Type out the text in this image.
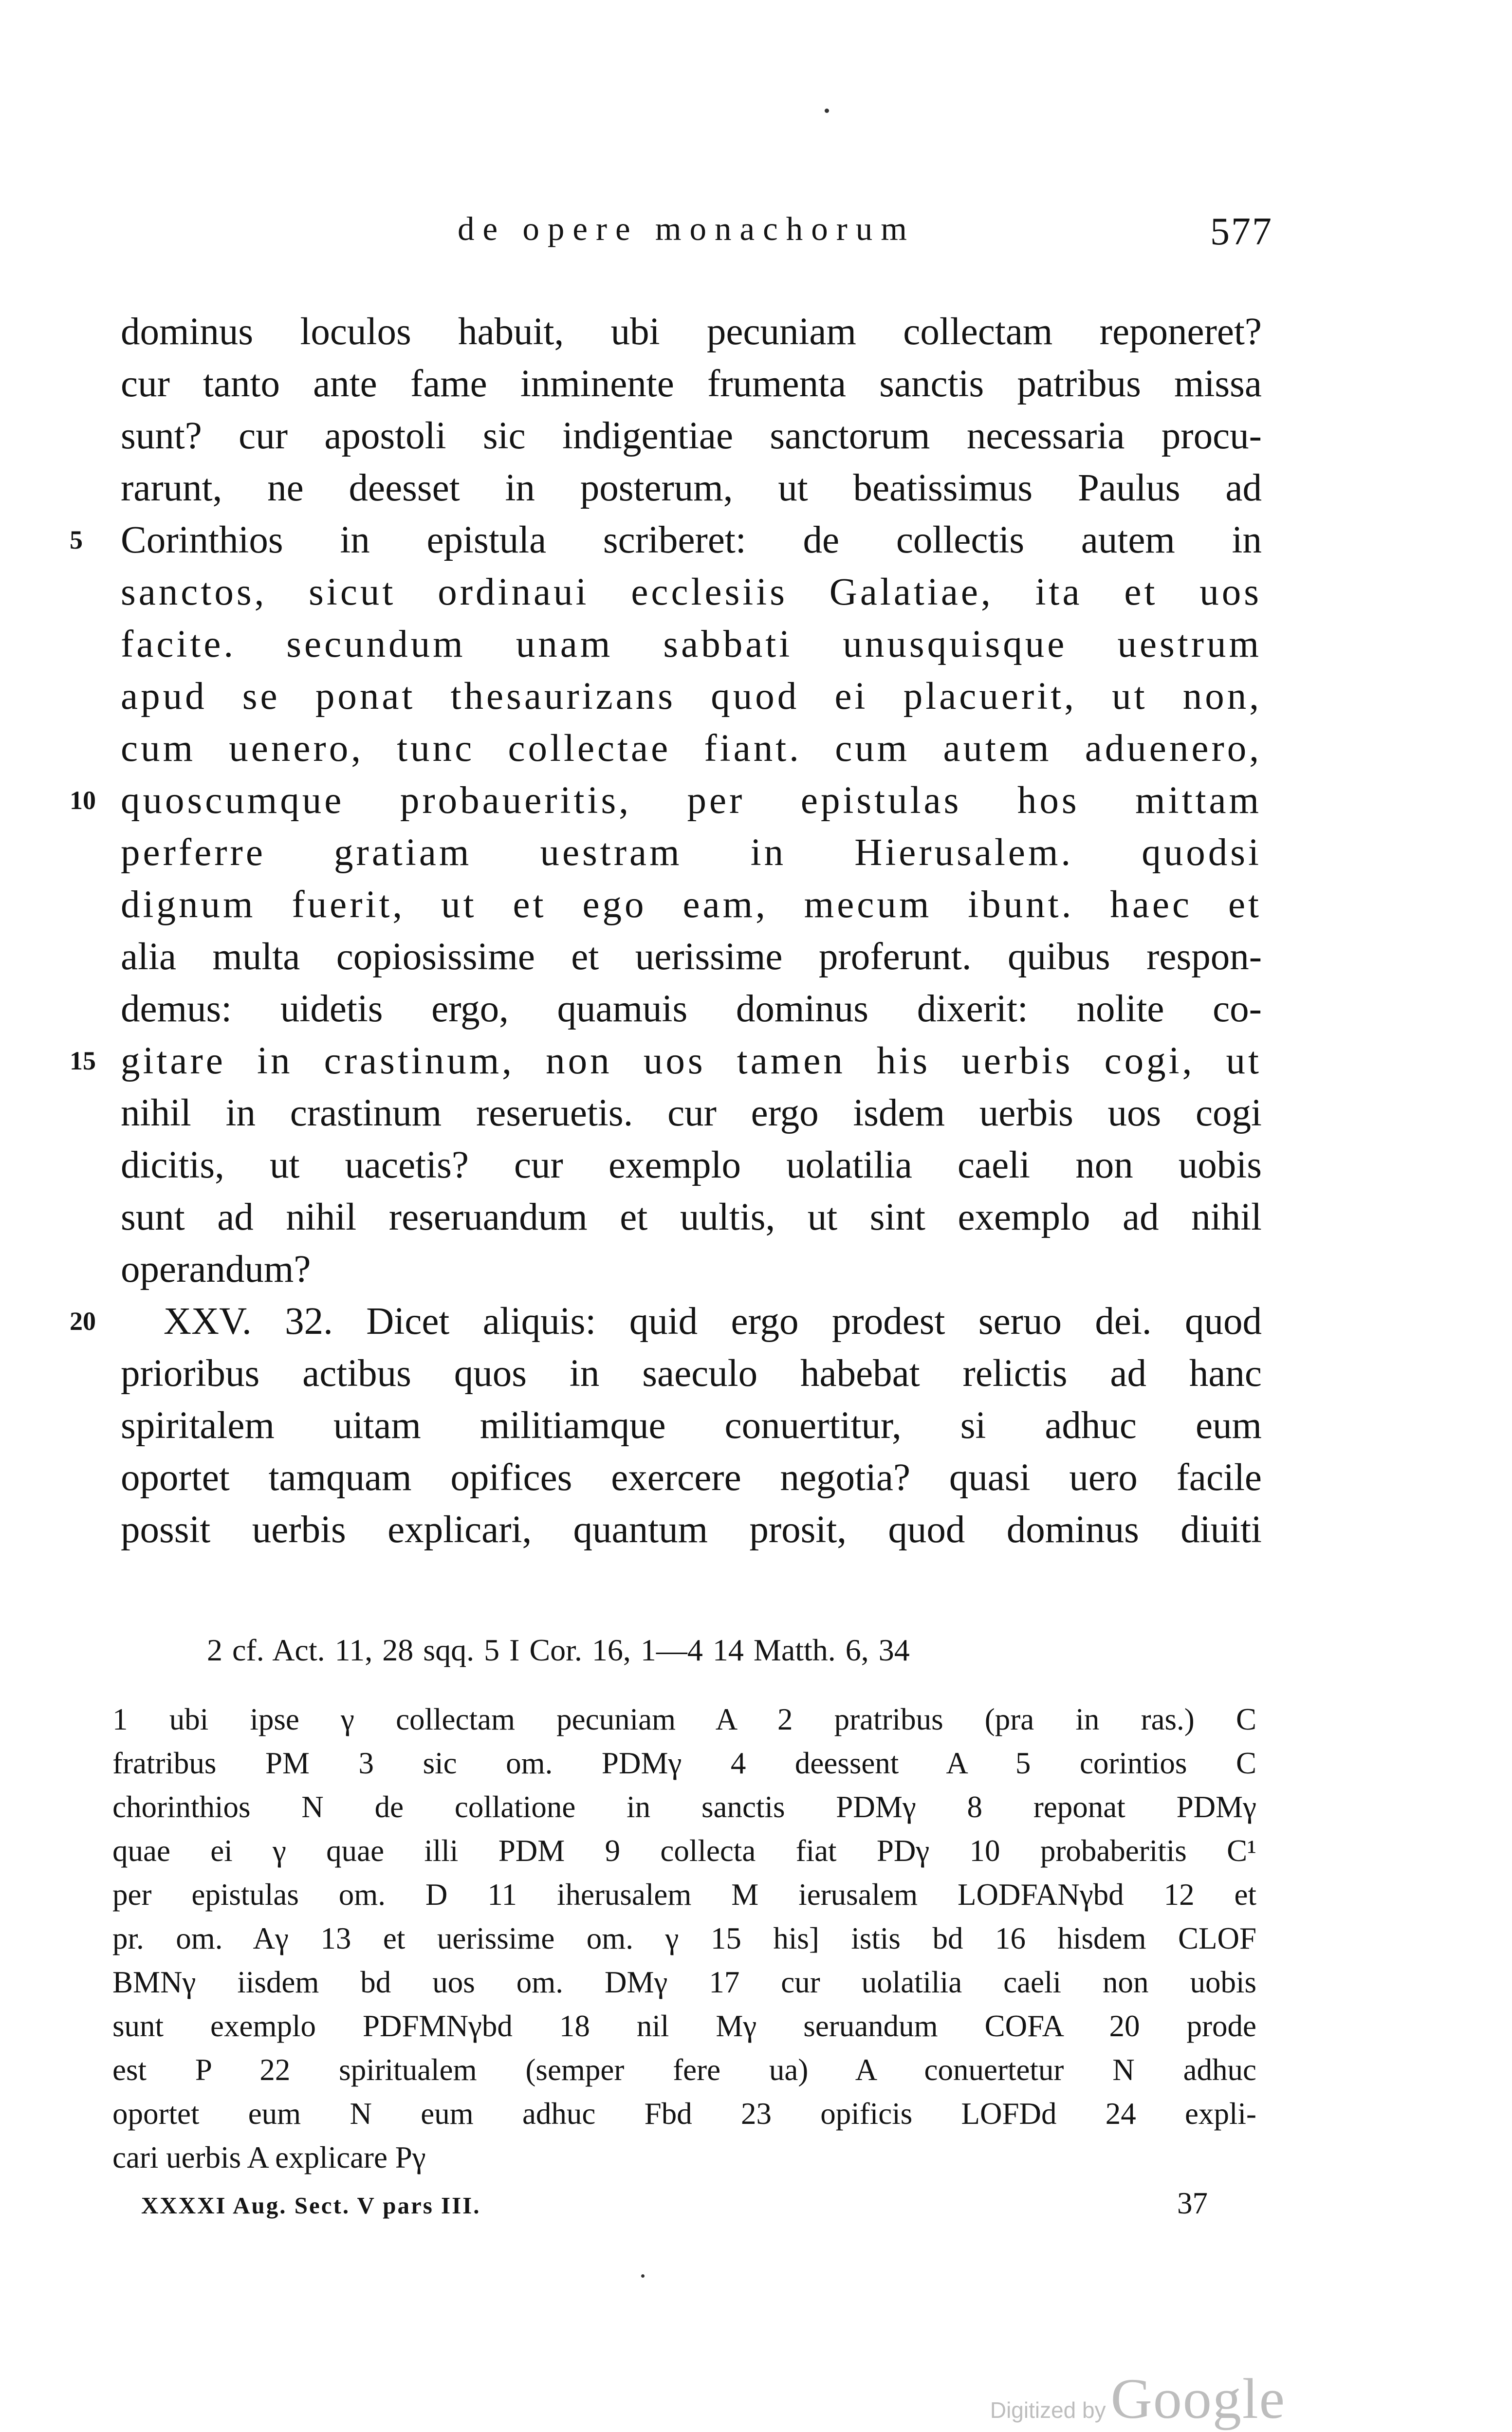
de opere monachorum	577
dominus loculos habuit, ubi pecuniam collectam reponeret?
cur tanto ante fame inminente frumenta sanctis patribus missa
sunt? cur apostoli sic indigentiae sanctorum necessaria procu-
rarunt, ne deesset in posterum, ut beatissimus Paulus ad
5 Corinthios in epistula scriberet: de collectis autem in
sanctos, sicut ordinaui ecclesiis Galatiae, ita et uos
facite. secundum unam sabbati unusquisque uestrum
apud se ponat thesaurizans quod ei placuerit, ut non,
cum uenero, tunc collectae fiant. cum autem aduenero,
10 quoscumque probaueritis, per epistulas hos mittam
perferre gratiam uestram in Hierusalem. quodsi
dignum fuerit, ut et ego eam, mecum ibunt. haec et
alia multa copiosissime et uerissime proferunt. quibus respon-
demus: uidetis ergo, quamuis dominus dixerit: nolite co-
15 gitare in crastinum, non uos tamen his uerbis cogi, ut
nihil in crastinum reseruetis. cur ergo isdem uerbis uos cogi
dicitis, ut uacetis? cur exemplo uolatilia caeli non uobis
sunt ad nihil reseruandum et uultis, ut sint exemplo ad nihil
operandum?
20 XXV. 32. Dicet aliquis: quid ergo prodest seruo dei. quod
prioribus actibus quos in saeculo habebat relictis ad hanc
spiritalem uitam militiamque conuertitur, si adhuc eum
oportet tamquam opifices exercere negotia? quasi uero facile
possit uerbis explicari, quantum prosit, quod dominus diuiti
2 cf. Act. 11, 28 sqq. 5 I Cor. 16, 1—4 14 Matth. 6, 34
1 ubi ipse γ collectam pecuniam A 2 pratribus (pra in ras.) C
fratribus PM 3 sic om. PDMγ 4 deessent A 5 corintios C
chorinthios N de collatione in sanctis PDMγ 8 reponat PDMγ
quae ei γ quae illi PDM 9 collecta fiat PDγ 10 probaberitis C¹
per epistulas om. D 11 iherusalem M ierusalem LODFANγbd 12 et
pr. om. Aγ 13 et uerissime om. γ 15 his] istis bd 16 hisdem CLOF
BMNγ iisdem bd uos om. DMγ 17 cur uolatilia caeli non uobis
sunt exemplo PDFMNγbd 18 nil Mγ seruandum COFA 20 prode
est P 22 spiritualem (semper fere ua) A conuertetur N adhuc
oportet eum N eum adhuc Fbd 23 opificis LOFDd 24 expli-
cari uerbis A explicare Pγ
XXXXI Aug. Sect. V pars III.	37
Digitized by Google
